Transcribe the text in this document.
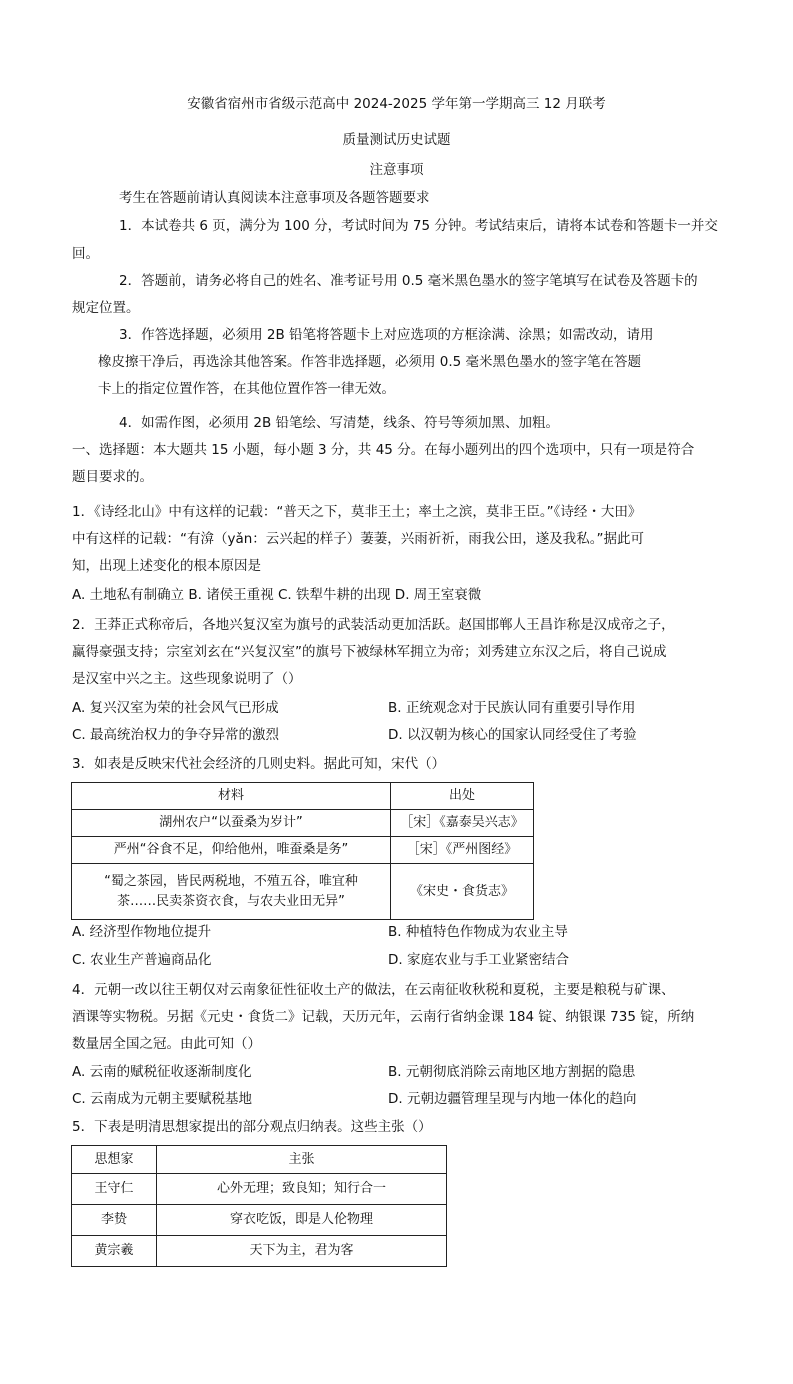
安徽省宿州市省级示范高中 2024-2025 学年第一学期高三 12 月联考
质量测试历史试题
注意事项
考生在答题前请认真阅读本注意事项及各题答题要求
1．本试卷共 6 页，满分为 100 分，考试时间为 75 分钟。考试结束后，请将本试卷和答题卡一并交
回。
2．答题前，请务必将自己的姓名、准考证号用 0.5 毫米黑色墨水的签字笔填写在试卷及答题卡的
规定位置。
3．作答选择题，必须用 2B 铅笔将答题卡上对应选项的方框涂满、涂黑；如需改动，请用
橡皮擦干净后，再选涂其他答案。作答非选择题，必须用 0.5 毫米黑色墨水的签字笔在答题
卡上的指定位置作答，在其他位置作答一律无效。
4．如需作图，必须用 2B 铅笔绘、写清楚，线条、符号等须加黑、加粗。
一、选择题：本大题共 15 小题，每小题 3 分，共 45 分。在每小题列出的四个选项中，只有一项是符合
题目要求的。
1．《诗经北山》中有这样的记载：“普天之下，莫非王土；率土之滨，莫非王臣。”《诗经・大田》
中有这样的记载：“有渰（yǎn：云兴起的样子）萋萋，兴雨祈祈，雨我公田，遂及我私。”据此可
知，出现上述变化的根本原因是
A. 土地私有制确立 B. 诸侯王重视 C. 铁犁牛耕的出现 D. 周王室衰微
2．王莽正式称帝后，各地兴复汉室为旗号的武装活动更加活跃。赵国邯郸人王昌诈称是汉成帝之子，
赢得豪强支持；宗室刘玄在“兴复汉室”的旗号下被绿林军拥立为帝；刘秀建立东汉之后，将自己说成
是汉室中兴之主。这些现象说明了（）
A. 复兴汉室为荣的社会风气已形成	B. 正统观念对于民族认同有重要引导作用
C. 最高统治权力的争夺异常的激烈	D. 以汉朝为核心的国家认同经受住了考验
3．如表是反映宋代社会经济的几则史料。据此可知，宋代（）
材料	出处
湖州农户“以蚕桑为岁计”	［宋］《嘉泰吴兴志》
严州“谷食不足，仰给他州，唯蚕桑是务”	［宋］《严州图经》

“蜀之茶园，皆民两税地，不殖五谷，唯宜种
茶……民卖茶资衣食，与农夫业田无异”	《宋史・食货志》
A. 经济型作物地位提升	B. 种植特色作物成为农业主导
C. 农业生产普遍商品化	D. 家庭农业与手工业紧密结合
4．元朝一改以往王朝仅对云南象征性征收土产的做法，在云南征收秋税和夏税，主要是粮税与矿课、
酒课等实物税。另据《元史・食货二》记载，天历元年，云南行省纳金课 184 锭、纳银课 735 锭，所纳
数量居全国之冠。由此可知（）
A. 云南的赋税征收逐渐制度化	B. 元朝彻底消除云南地区地方割据的隐患
C. 云南成为元朝主要赋税基地	D. 元朝边疆管理呈现与内地一体化的趋向
5．下表是明清思想家提出的部分观点归纳表。这些主张（）
思想家	主张
王守仁	心外无理；致良知；知行合一
李贽	穿衣吃饭，即是人伦物理
黄宗羲	天下为主，君为客
